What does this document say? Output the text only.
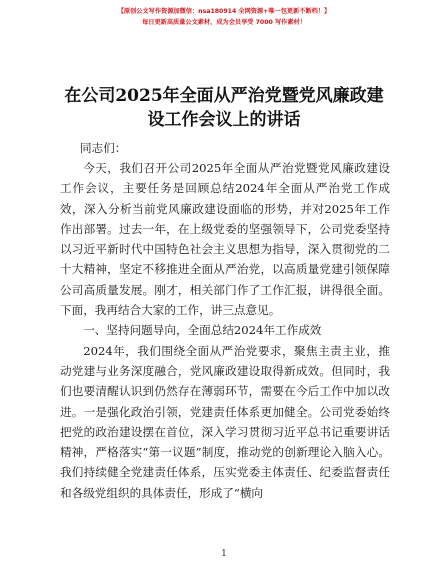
【原创公文写作资源加微信：nsa180914 全网资源+唯一包更新不断档！】
每日更新高质量公文素材，成为会员享受 7000 写作素材！
在公司2025年全面从严治党暨党风廉政建设工作会议上的讲话
同志们：

今天，我们召开公司2025年全面从严治党暨党风廉政建设工作会议，主要任务是回顾总结2024年全面从严治党工作成效，深入分析当前党风廉政建设面临的形势，并对2025年工作作出部署。过去一年，在上级党委的坚强领导下，公司党委坚持以习近平新时代中国特色社会主义思想为指导，深入贯彻党的二十大精神，坚定不移推进全面从严治党，以高质量党建引领保障公司高质量发展。刚才，相关部门作了工作汇报，讲得很全面。下面，我再结合大家的工作，讲三点意见。

一、坚持问题导向，全面总结2024年工作成效

2024年，我们围绕全面从严治党要求，聚焦主责主业，推动党建与业务深度融合，党风廉政建设取得新成效。但同时，我们也要清醒认识到仍然存在薄弱环节，需要在今后工作中加以改进。一是强化政治引领，党建责任体系更加健全。公司党委始终把党的政治建设摆在首位，深入学习贯彻习近平总书记重要讲话精神，严格落实“第一议题”制度，推动党的创新理论入脑入心。我们持续健全党建责任体系，压实党委主体责任、纪委监督责任和各级党组织的具体责任，形成了“横向

1
